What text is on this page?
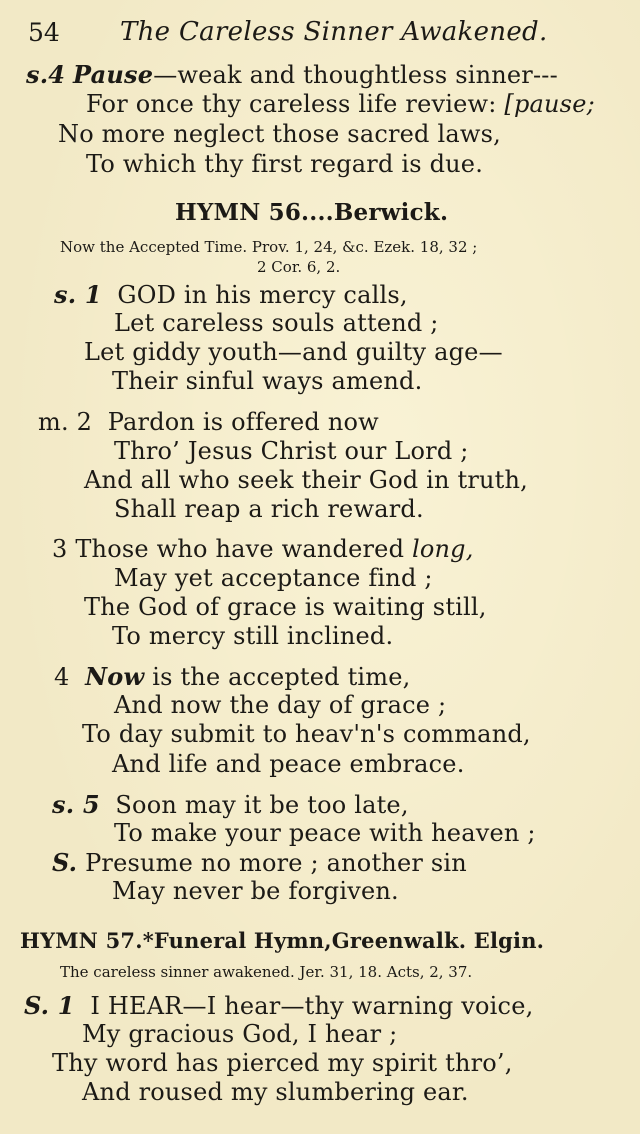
54 The Careless Sinner Awakened.
s.4 Pause—weak and thoughtless sinner---
For once thy careless life review: [pause;
No more neglect those sacred laws,
To which thy first regard is due.
HYMN 56....Berwick.
Now the Accepted Time. Prov. 1, 24, &c. Ezek. 18, 32 ;
2 Cor. 6, 2.
s. 1 GOD in his mercy calls,
Let careless souls attend ;
Let giddy youth—and guilty age—
Their sinful ways amend.
m. 2 Pardon is offered now
Thro’ Jesus Christ our Lord ;
And all who seek their God in truth,
Shall reap a rich reward.
3 Those who have wandered long,
May yet acceptance find ;
The God of grace is waiting still,
To mercy still inclined.
4 Now is the accepted time,
And now the day of grace ;
To day submit to heav'n's command,
And life and peace embrace.
s. 5 Soon may it be too late,
To make your peace with heaven ;
S. Presume no more ; another sin
May never be forgiven.
HYMN 57.*Funeral Hymn,Greenwalk. Elgin.
The careless sinner awakened. Jer. 31, 18. Acts, 2, 37.
S. 1 I HEAR—I hear—thy warning voice,
My gracious God, I hear ;
Thy word has pierced my spirit thro’,
And roused my slumbering ear.
